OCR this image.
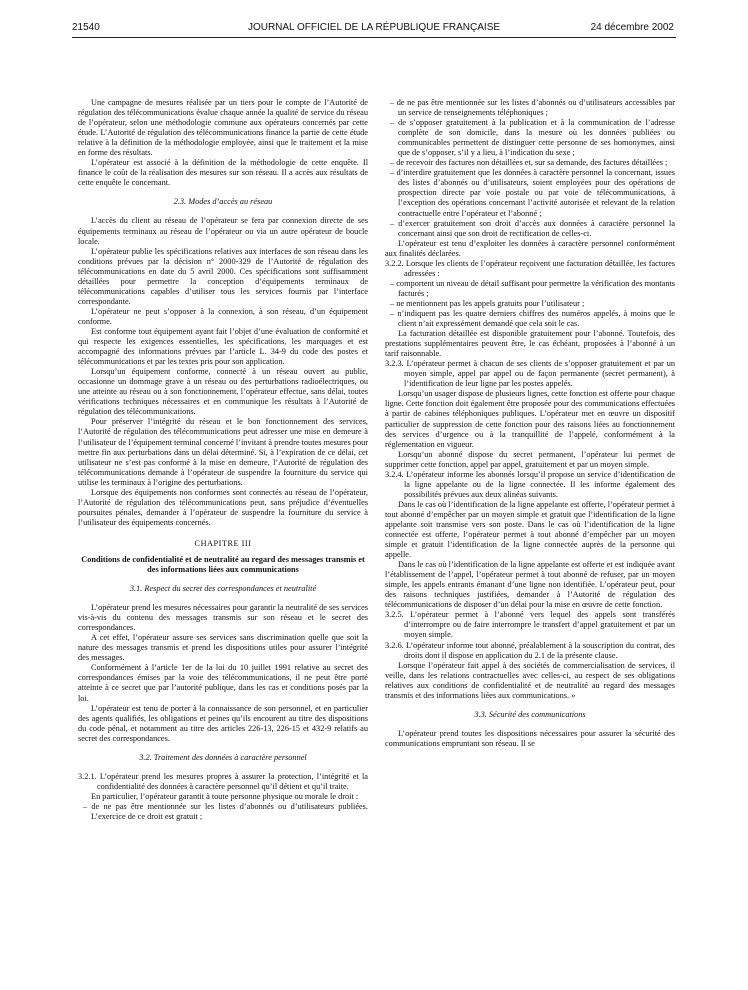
21540	JOURNAL OFFICIEL DE LA RÉPUBLIQUE FRANÇAISE	24 décembre 2002

Une campagne de mesures réalisée par un tiers pour le compte de l’Autorité de régulation des télécommunications évalue chaque année la qualité de service du réseau de l’opérateur, selon une méthodologie commune aux opérateurs concernés par cette étude. L’Autorité de régulation des télécommunications finance la partie de cette étude relative à la définition de la méthodologie employée, ainsi que le traitement et la mise en forme des résultats.

L’opérateur est associé à la définition de la méthodologie de cette enquête. Il finance le coût de la réalisation des mesures sur son réseau. Il a accès aux résultats de cette enquête le concernant.

2.3. Modes d’accès au réseau

L’accès du client au réseau de l’opérateur se fera par connexion directe de ses équipements terminaux au réseau de l’opérateur ou via un autre opérateur de boucle locale.

L’opérateur publie les spécifications relatives aux interfaces de son réseau dans les conditions prévues par la décision n° 2000-329 de l’Autorité de régulation des télécommunications en date du 5 avril 2000. Ces spécifications sont suffisamment détaillées pour permettre la conception d’équipements terminaux de télécommunications capables d’utiliser tous les services fournis par l’interface correspondante.

L’opérateur ne peut s’opposer à la connexion, à son réseau, d’un équipement conforme.

Est conforme tout équipement ayant fait l’objet d’une évaluation de conformité et qui respecte les exigences essentielles, les spécifications, les marquages et est accompagné des informations prévues par l’article L. 34-9 du code des postes et télécommunications et par les textes pris pour son application.

Lorsqu’un équipement conforme, connecté à un réseau ouvert au public, occasionne un dommage grave à un réseau ou des perturbations radioélectriques, ou une atteinte au réseau ou à son fonctionnement, l’opérateur effectue, sans délai, toutes vérifications techniques nécessaires et en communique les résultats à l’Autorité de régulation des télécommunications.

Pour préserver l’intégrité du réseau et le bon fonctionnement des services, l’Autorité de régulation des télécommunications peut adresser une mise en demeure à l’utilisateur de l’équipement terminal concerné l’invitant à prendre toutes mesures pour mettre fin aux perturbations dans un délai déterminé. Si, à l’expiration de ce délai, cet utilisateur ne s’est pas conformé à la mise en demeure, l’Autorité de régulation des télécommunications demande à l’opérateur de suspendre la fourniture du service qui utilise les terminaux à l’origine des perturbations.

Lorsque des équipements non conformes sont connectés au réseau de l’opérateur, l’Autorité de régulation des télécommunications peut, sans préjudice d’éventuelles poursuites pénales, demander à l’opérateur de suspendre la fourniture du service à l’utilisateur des équipements concernés.

CHAPITRE III

Conditions de confidentialité et de neutralité au regard des messages transmis et des informations liées aux communications

3.1. Respect du secret des correspondances et neutralité

L’opérateur prend les mesures nécessaires pour garantir la neutralité de ses services vis-à-vis du contenu des messages transmis sur son réseau et le secret des correspondances.

A cet effet, l’opérateur assure ses services sans discrimination quelle que soit la nature des messages transmis et prend les dispositions utiles pour assurer l’intégrité des messages.

Conformément à l’article 1er de la loi du 10 juillet 1991 relative au secret des correspondances émises par la voie des télécommunications, il ne peut être porté atteinte à ce secret que par l’autorité publique, dans les cas et conditions posés par la loi.

L’opérateur est tenu de porter à la connaissance de son personnel, et en particulier des agents qualifiés, les obligations et peines qu’ils encourent au titre des dispositions du code pénal, et notamment au titre des articles 226-13, 226-15 et 432-9 relatifs au secret des correspondances.

3.2. Traitement des données à caractère personnel

3.2.1. L’opérateur prend les mesures propres à assurer la protection, l’intégrité et la confidentialité des données à caractère personnel qu’il détient et qu’il traite.

En particulier, l’opérateur garantit à toute personne physique ou morale le droit :

– de ne pas être mentionnée sur les listes d’abonnés ou d’utilisateurs publiées. L’exercice de ce droit est gratuit ;

– de ne pas être mentionnée sur les listes d’abonnés ou d’utilisateurs accessibles par un service de renseignements téléphoniques ;

– de s’opposer gratuitement à la publication et à la communication de l’adresse complète de son domicile, dans la mesure où les données publiées ou communicables permettent de distinguer cette personne de ses homonymes, ainsi que de s’opposer, s’il y a lieu, à l’indication du sexe ;

– de recevoir des factures non détaillées et, sur sa demande, des factures détaillées ;

– d’interdire gratuitement que les données à caractère personnel la concernant, issues des listes d’abonnés ou d’utilisateurs, soient employées pour des opérations de prospection directe par voie postale ou par voie de télécommunications, à l’exception des opérations concernant l’activité autorisée et relevant de la relation contractuelle entre l’opérateur et l’abonné ;

– d’exercer gratuitement son droit d’accès aux données à caractère personnel la concernant ainsi que son droit de rectification de celles-ci.

L’opérateur est tenu d’exploiter les données à caractère personnel conformément aux finalités déclarées.

3.2.2. Lorsque les clients de l’opérateur reçoivent une facturation détaillée, les factures adressées :

– comportent un niveau de détail suffisant pour permettre la vérification des montants facturés ;

– ne mentionnent pas les appels gratuits pour l’utilisateur ;

– n’indiquent pas les quatre derniers chiffres des numéros appelés, à moins que le client n’ait expressément demandé que cela soit le cas.

La facturation détaillée est disponible gratuitement pour l’abonné. Toutefois, des prestations supplémentaires peuvent être, le cas échéant, proposées à l’abonné à un tarif raisonnable.

3.2.3. L’opérateur permet à chacun de ses clients de s’opposer gratuitement et par un moyen simple, appel par appel ou de façon permanente (secret permanent), à l’identification de leur ligne par les postes appelés.

Lorsqu’un usager dispose de plusieurs lignes, cette fonction est offerte pour chaque ligne. Cette fonction doit également être proposée pour des communications effectuées à partir de cabines téléphoniques publiques. L’opérateur met en œuvre un dispositif particulier de suppression de cette fonction pour des raisons liées au fonctionnement des services d’urgence ou à la tranquillité de l’appelé, conformément à la réglementation en vigueur.

Lorsqu’un abonné dispose du secret permanent, l’opérateur lui permet de supprimer cette fonction, appel par appel, gratuitement et par un moyen simple.

3.2.4. L’opérateur informe les abonnés lorsqu’il propose un service d’identification de la ligne appelante ou de la ligne connectée. Il les informe également des possibilités prévues aux deux alinéas suivants.

Dans le cas où l’identification de la ligne appelante est offerte, l’opérateur permet à tout abonné d’empêcher par un moyen simple et gratuit que l’identification de la ligne appelante soit transmise vers son poste. Dans le cas où l’identification de la ligne connectée est offerte, l’opérateur permet à tout abonné d’empêcher par un moyen simple et gratuit l’identification de la ligne connectée auprès de la personne qui appelle.

Dans le cas où l’identification de la ligne appelante est offerte et est indiquée avant l’établissement de l’appel, l’opérateur permet à tout abonné de refuser, par un moyen simple, les appels entrants émanant d’une ligne non identifiée. L’opérateur peut, pour des raisons techniques justifiées, demander à l’Autorité de régulation des télécommunications de disposer d’un délai pour la mise en œuvre de cette fonction.

3.2.5. L’opérateur permet à l’abonné vers lequel des appels sont transférés d’interrompre ou de faire interrompre le transfert d’appel gratuitement et par un moyen simple.

3.2.6. L’opérateur informe tout abonné, préalablement à la souscription du contrat, des droits dont il dispose en application du 2.1 de la présente clause.

Lorsque l’opérateur fait appel à des sociétés de commercialisation de services, il veille, dans les relations contractuelles avec celles-ci, au respect de ses obligations relatives aux conditions de confidentialité et de neutralité au regard des messages transmis et des informations liées aux communications. »

3.3. Sécurité des communications

L’opérateur prend toutes les dispositions nécessaires pour assurer la sécurité des communications empruntant son réseau. Il se
